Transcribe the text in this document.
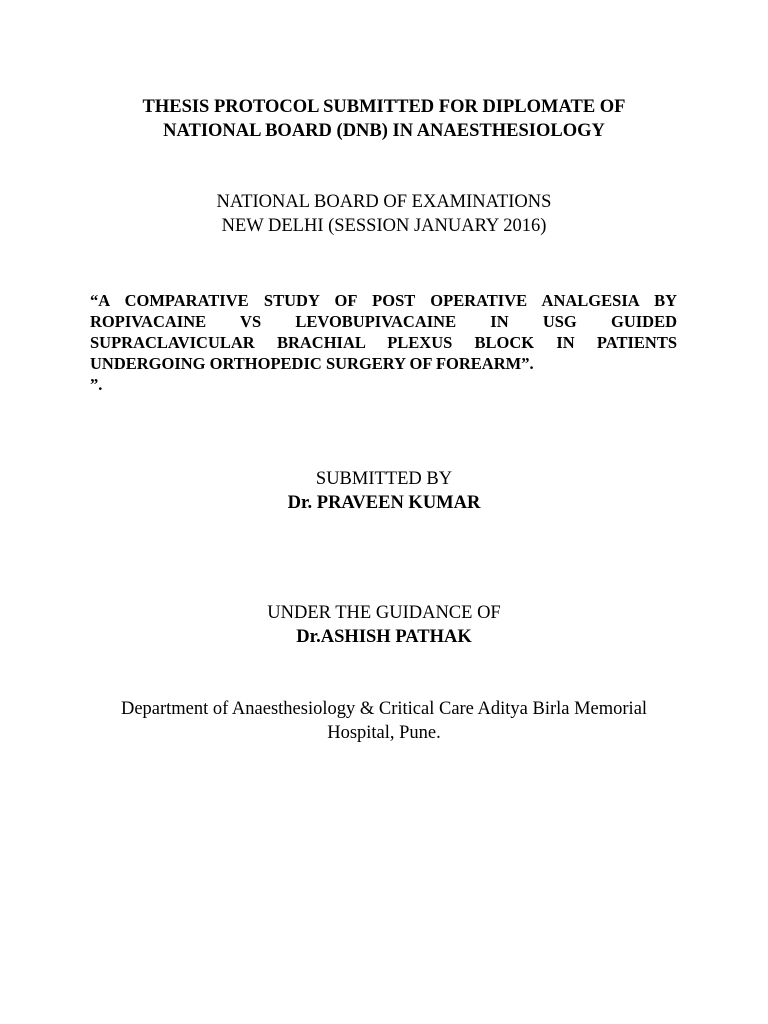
THESIS PROTOCOL SUBMITTED FOR DIPLOMATE OF
NATIONAL BOARD (DNB) IN ANAESTHESIOLOGY
NATIONAL BOARD OF EXAMINATIONS
NEW DELHI (SESSION JANUARY 2016)
“A COMPARATIVE STUDY OF POST OPERATIVE ANALGESIA BY
ROPIVACAINE VS LEVOBUPIVACAINE IN USG GUIDED
SUPRACLAVICULAR BRACHIAL PLEXUS BLOCK IN PATIENTS
UNDERGOING ORTHOPEDIC SURGERY OF FOREARM”.
”.
SUBMITTED BY
Dr. PRAVEEN KUMAR
UNDER THE GUIDANCE OF
Dr.ASHISH PATHAK
Department of Anaesthesiology & Critical Care Aditya Birla Memorial
Hospital, Pune.
